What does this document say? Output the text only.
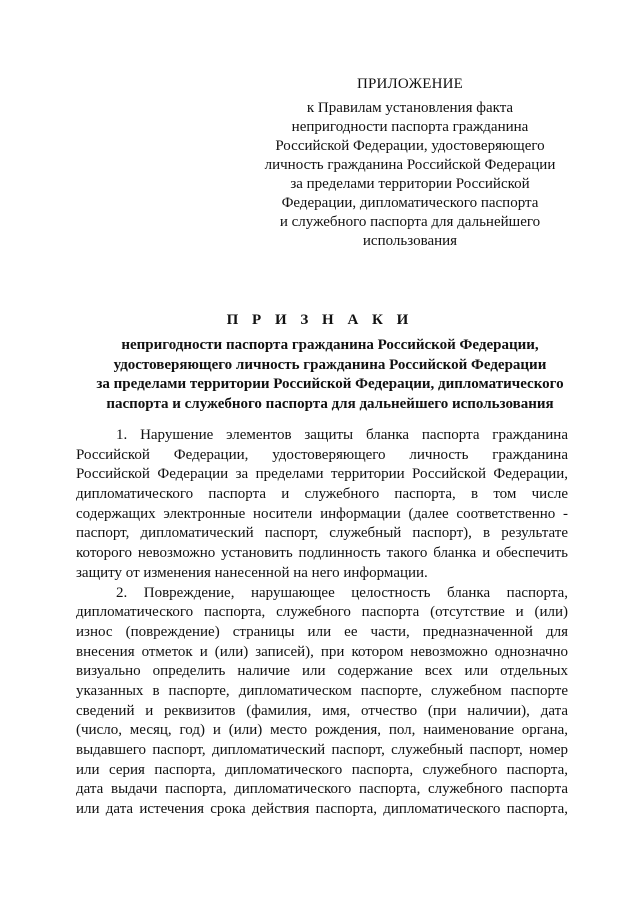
ПРИЛОЖЕНИЕ
к Правилам установления факта
непригодности паспорта гражданина
Российской Федерации, удостоверяющего
личность гражданина Российской Федерации
за пределами территории Российской
Федерации, дипломатического паспорта
и служебного паспорта для дальнейшего
использования
П Р И З Н А К И
непригодности паспорта гражданина Российской Федерации,
удостоверяющего личность гражданина Российской Федерации
за пределами территории Российской Федерации, дипломатического
паспорта и служебного паспорта для дальнейшего использования
1. Нарушение элементов защиты бланка паспорта гражданина
Российской Федерации, удостоверяющего личность гражданина
Российской Федерации за пределами территории Российской Федерации,
дипломатического паспорта и служебного паспорта, в том числе
содержащих электронные носители информации (далее соответственно -
паспорт, дипломатический паспорт, служебный паспорт), в результате
которого невозможно установить подлинность такого бланка и обеспечить
защиту от изменения нанесенной на него информации.
2. Повреждение, нарушающее целостность бланка паспорта,
дипломатического паспорта, служебного паспорта (отсутствие и (или)
износ (повреждение) страницы или ее части, предназначенной для
внесения отметок и (или) записей), при котором невозможно однозначно
визуально определить наличие или содержание всех или отдельных
указанных в паспорте, дипломатическом паспорте, служебном паспорте
сведений и реквизитов (фамилия, имя, отчество (при наличии), дата
(число, месяц, год) и (или) место рождения, пол, наименование органа,
выдавшего паспорт, дипломатический паспорт, служебный паспорт, номер
или серия паспорта, дипломатического паспорта, служебного паспорта,
дата выдачи паспорта, дипломатического паспорта, служебного паспорта
или дата истечения срока действия паспорта, дипломатического паспорта,
